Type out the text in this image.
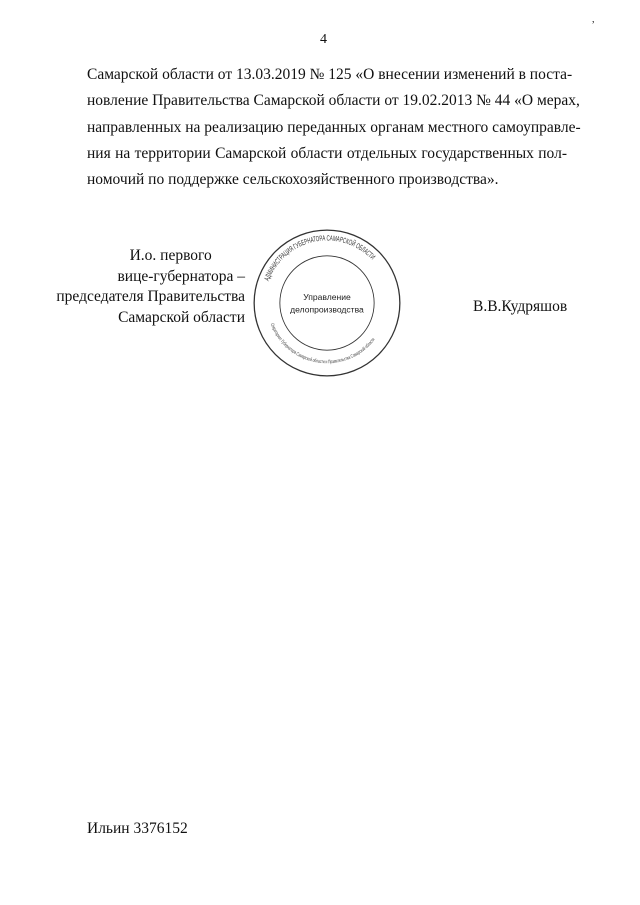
4
Самарской области от 13.03.2019 № 125 «О внесении изменений в поста-
новление Правительства Самарской области от 19.02.2013 № 44 «О мерах,
направленных на реализацию переданных органам местного самоуправле-
ния на территории Самарской области отдельных государственных пол-
номочий по поддержке сельскохозяйственного производства».
И.о. первого
вице-губернатора –
председателя Правительства
Самарской области
АДМИНИСТРАЦИЯ ГУБЕРНАТОРА САМАРСКОЙ ОБЛАСТИ
Секретариат Губернатора Самарской области и Правительства Самарской области
Управление
делопроизводства	В.В.Кудряшов
Ильин 3376152
,
